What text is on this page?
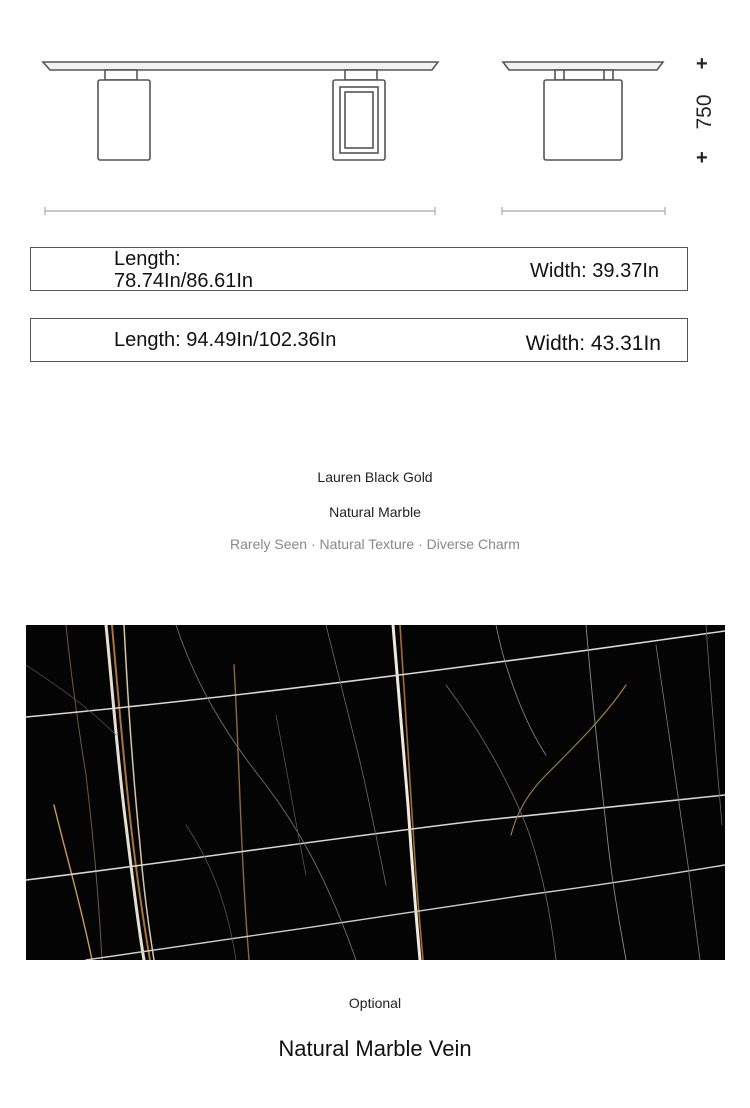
+
750
+
Length: 78.74In/86.61In	Width: 39.37In
Length: 94.49In/102.36In	Width: 43.31In
Lauren Black Gold
Natural Marble
Rarely Seen · Natural Texture · Diverse Charm
Optional
Natural Marble Vein
